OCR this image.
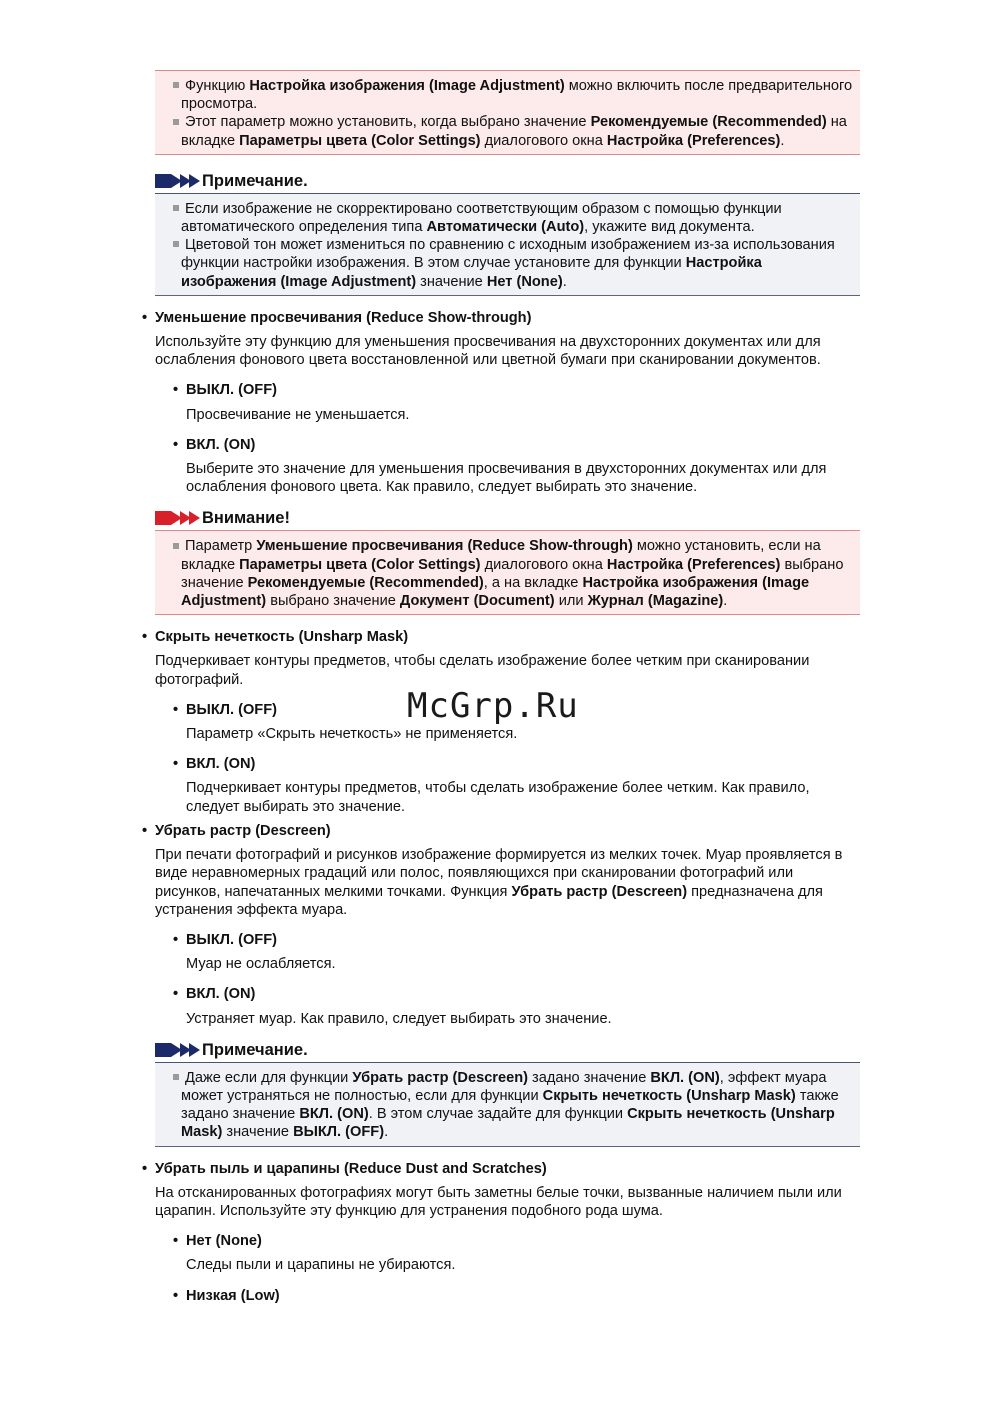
Функцию Настройка изображения (Image Adjustment) можно включить после предварительного просмотра.

Этот параметр можно установить, когда выбрано значение Рекомендуемые (Recommended) на вкладке Параметры цвета (Color Settings) диалогового окна Настройка (Preferences).

Примечание.

Если изображение не скорректировано соответствующим образом с помощью функции автоматического определения типа Автоматически (Auto), укажите вид документа.

Цветовой тон может измениться по сравнению с исходным изображением из-за использования функции настройки изображения. В этом случае установите для функции Настройка изображения (Image Adjustment) значение Нет (None).

• Уменьшение просвечивания (Reduce Show-through)

Используйте эту функцию для уменьшения просвечивания на двухсторонних документах или для ослабления фонового цвета восстановленной или цветной бумаги при сканировании документов.

• ВЫКЛ. (OFF)

Просвечивание не уменьшается.

• ВКЛ. (ON)

Выберите это значение для уменьшения просвечивания в двухсторонних документах или для ослабления фонового цвета. Как правило, следует выбирать это значение.

Внимание!

Параметр Уменьшение просвечивания (Reduce Show-through) можно установить, если на вкладке Параметры цвета (Color Settings) диалогового окна Настройка (Preferences) выбрано значение Рекомендуемые (Recommended), а на вкладке Настройка изображения (Image Adjustment) выбрано значение Документ (Document) или Журнал (Magazine).

• Скрыть нечеткость (Unsharp Mask)

Подчеркивает контуры предметов, чтобы сделать изображение более четким при сканировании фотографий.

• ВЫКЛ. (OFF)

Параметр «Скрыть нечеткость» не применяется.

• ВКЛ. (ON)

Подчеркивает контуры предметов, чтобы сделать изображение более четким. Как правило, следует выбирать это значение.

• Убрать растр (Descreen)

При печати фотографий и рисунков изображение формируется из мелких точек. Муар проявляется в виде неравномерных градаций или полос, появляющихся при сканировании фотографий или рисунков, напечатанных мелкими точками. Функция Убрать растр (Descreen) предназначена для устранения эффекта муара.

• ВЫКЛ. (OFF)

Муар не ослабляется.

• ВКЛ. (ON)

Устраняет муар. Как правило, следует выбирать это значение.

Примечание.

Даже если для функции Убрать растр (Descreen) задано значение ВКЛ. (ON), эффект муара может устраняться не полностью, если для функции Скрыть нечеткость (Unsharp Mask) также задано значение ВКЛ. (ON). В этом случае задайте для функции Скрыть нечеткость (Unsharp Mask) значение ВЫКЛ. (OFF).

• Убрать пыль и царапины (Reduce Dust and Scratches)

На отсканированных фотографиях могут быть заметны белые точки, вызванные наличием пыли или царапин. Используйте эту функцию для устранения подобного рода шума.

• Нет (None)

Следы пыли и царапины не убираются.

• Низкая (Low)

McGrp.Ru
